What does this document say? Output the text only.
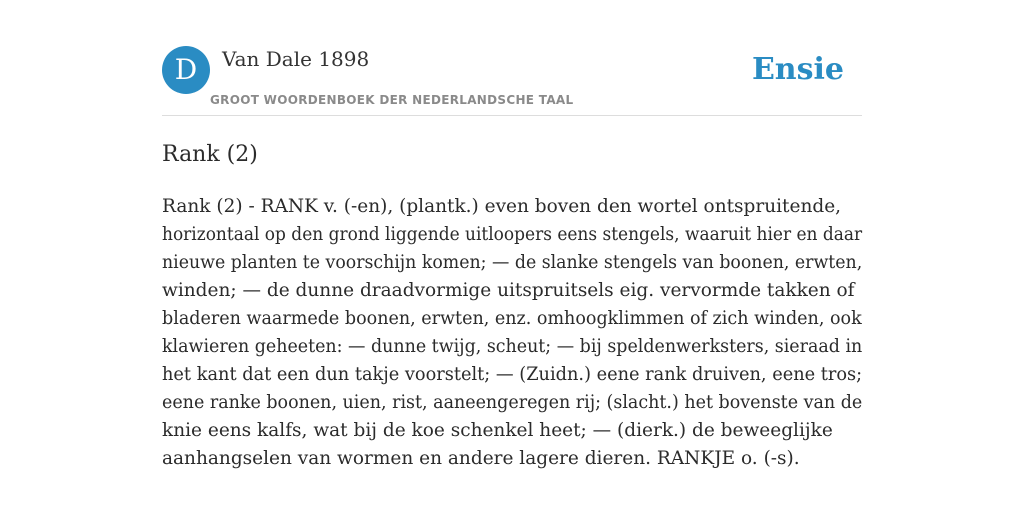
D	Van Dale 1898
GROOT WOORDENBOEK DER NEDERLANDSCHE TAAL
Ensie
Rank (2)

Rank (2) - RANK v. (-en), (plantk.) even boven den wortel ontspruitende,
horizontaal op den grond liggende uitloopers eens stengels, waaruit hier en daar
nieuwe planten te voorschijn komen; — de slanke stengels van boonen, erwten,
winden; — de dunne draadvormige uitspruitsels eig. vervormde takken of
bladeren waarmede boonen, erwten, enz. omhoogklimmen of zich winden, ook
klawieren geheeten: — dunne twijg, scheut; — bij speldenwerksters, sieraad in
het kant dat een dun takje voorstelt; — (Zuidn.) eene rank druiven, eene tros;
eene ranke boonen, uien, rist, aaneengeregen rij; (slacht.) het bovenste van de
knie eens kalfs, wat bij de koe schenkel heet; — (dierk.) de beweeglijke
aanhangselen van wormen en andere lagere dieren. RANKJE o. (-s).
